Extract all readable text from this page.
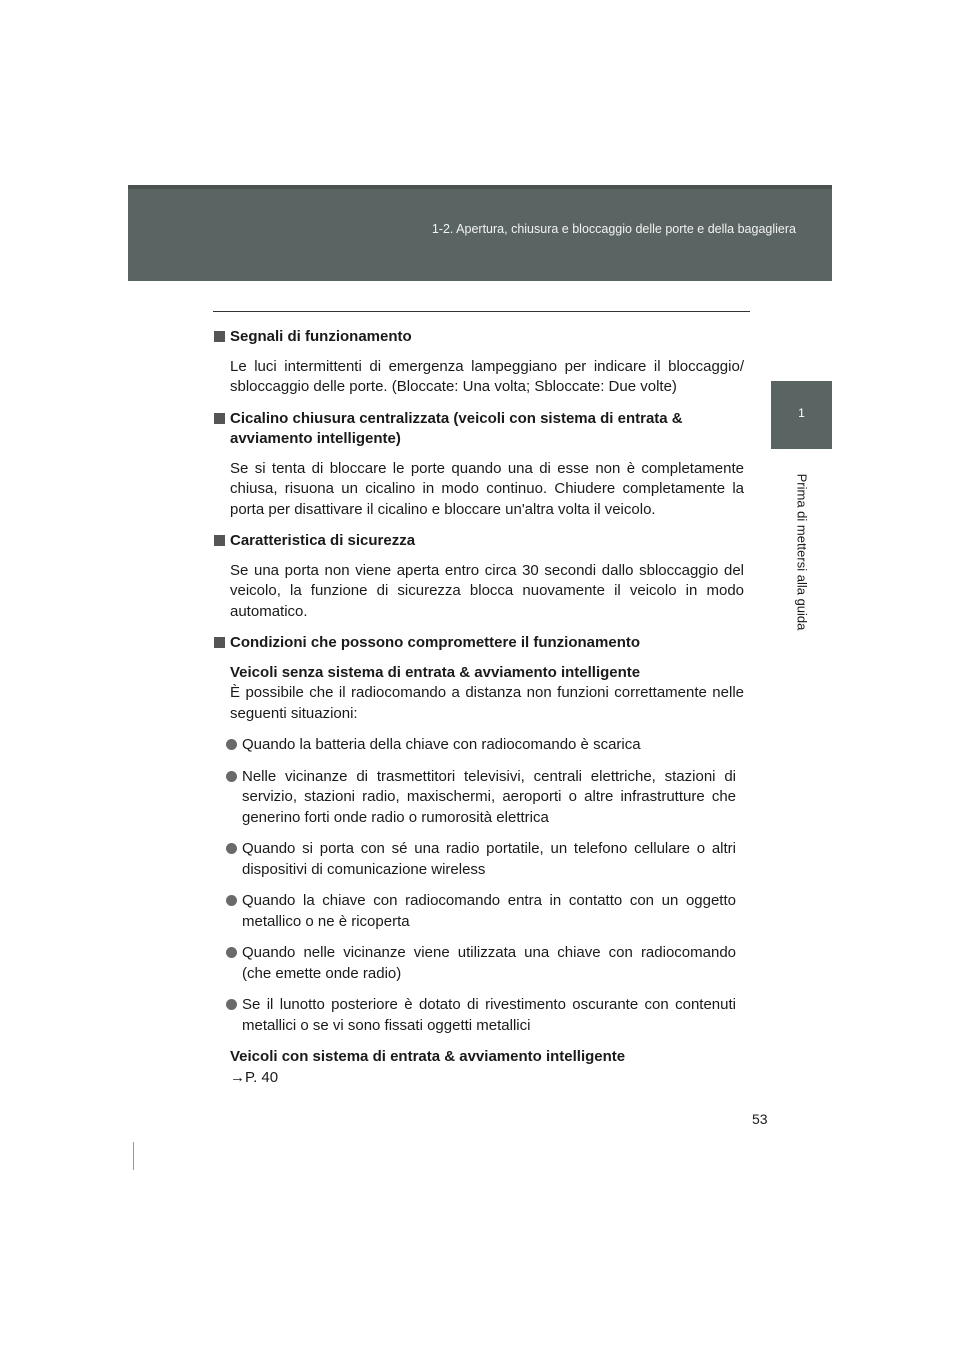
1-2. Apertura, chiusura e bloccaggio delle porte e della bagagliera
1
Prima di mettersi alla guida
Segnali di funzionamento
Le luci intermittenti di emergenza lampeggiano per indicare il bloccaggio/ sbloccaggio delle porte. (Bloccate: Una volta; Sbloccate: Due volte)
Cicalino chiusura centralizzata (veicoli con sistema di entrata & avviamento intelligente)
Se si tenta di bloccare le porte quando una di esse non è completamente chiusa, risuona un cicalino in modo continuo. Chiudere completamente la porta per disattivare il cicalino e bloccare un'altra volta il veicolo.
Caratteristica di sicurezza
Se una porta non viene aperta entro circa 30 secondi dallo sbloccaggio del veicolo, la funzione di sicurezza blocca nuovamente il veicolo in modo automatico.
Condizioni che possono compromettere il funzionamento
Veicoli senza sistema di entrata & avviamento intelligente
È possibile che il radiocomando a distanza non funzioni correttamente nelle seguenti situazioni:
Quando la batteria della chiave con radiocomando è scarica
Nelle vicinanze di trasmettitori televisivi, centrali elettriche, stazioni di servizio, stazioni radio, maxischermi, aeroporti o altre infrastrutture che generino forti onde radio o rumorosità elettrica
Quando si porta con sé una radio portatile, un telefono cellulare o altri dispositivi di comunicazione wireless
Quando la chiave con radiocomando entra in contatto con un oggetto metallico o ne è ricoperta
Quando nelle vicinanze viene utilizzata una chiave con radiocomando (che emette onde radio)
Se il lunotto posteriore è dotato di rivestimento oscurante con contenuti metallici o se vi sono fissati oggetti metallici
Veicoli con sistema di entrata & avviamento intelligente
→P. 40
53
